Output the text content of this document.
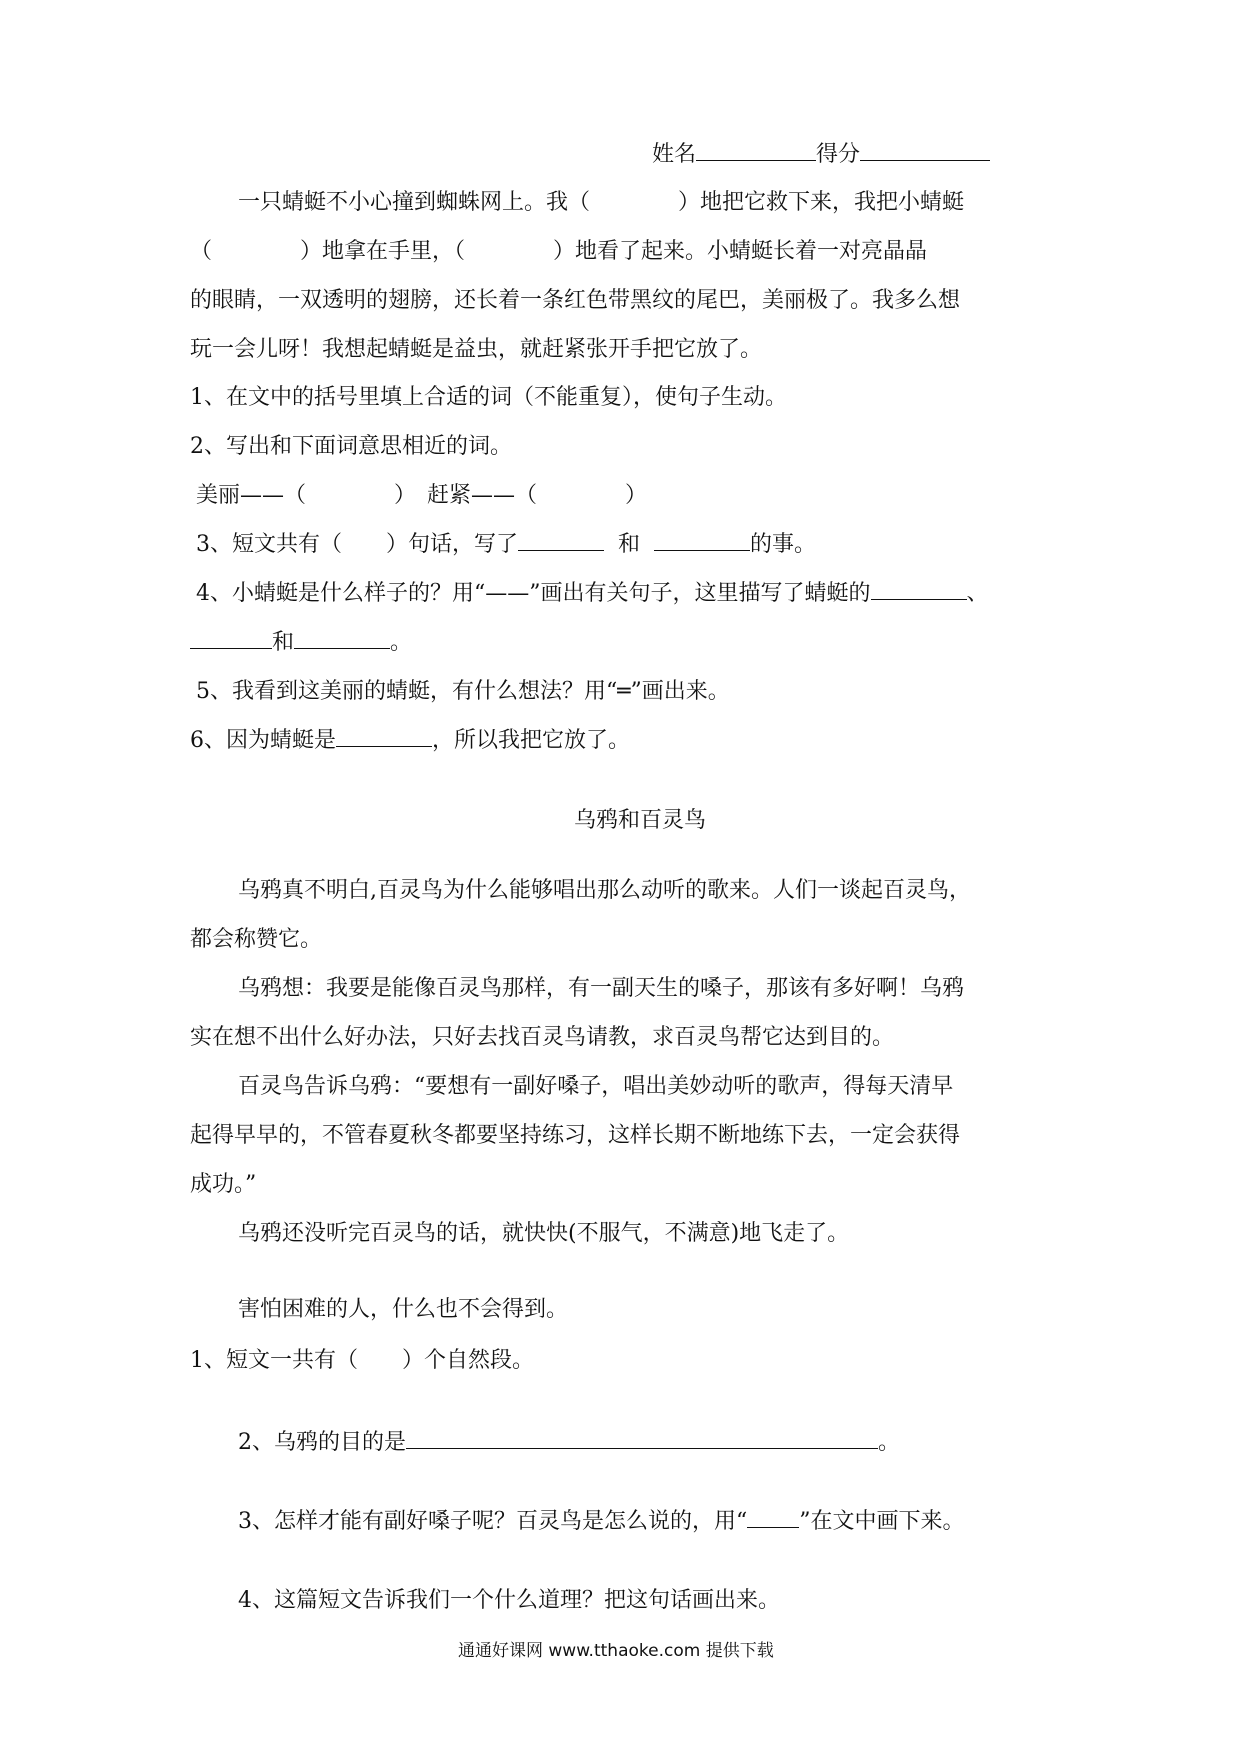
姓名	得分
一只蜻蜓不小心撞到蜘蛛网上。我（　　　　）地把它救下来，我把小蜻蜓
（　　　　）地拿在手里，（　　　　）地看了起来。小蜻蜓长着一对亮晶晶
的眼睛，一双透明的翅膀，还长着一条红色带黑纹的尾巴，美丽极了。我多么想
玩一会儿呀！我想起蜻蜓是益虫，就赶紧张开手把它放了。
1、在文中的括号里填上合适的词（不能重复），使句子生动。
2、写出和下面词意思相近的词。
美丽——（　　　　）　赶紧——（　　　　）
3、短文共有（　　）句话，写了	和	的事。
4、小蜻蜓是什么样子的？用“——”画出有关句子，这里描写了蜻蜓的	、
和	。
5、我看到这美丽的蜻蜓，有什么想法？用“═”画出来。
6、因为蜻蜓是	，所以我把它放了。
乌鸦和百灵鸟
乌鸦真不明白,百灵鸟为什么能够唱出那么动听的歌来。人们一谈起百灵鸟，
都会称赞它。
乌鸦想：我要是能像百灵鸟那样，有一副天生的嗓子，那该有多好啊！乌鸦
实在想不出什么好办法，只好去找百灵鸟请教，求百灵鸟帮它达到目的。
百灵鸟告诉乌鸦：“要想有一副好嗓子，唱出美妙动听的歌声，得每天清早
起得早早的，不管春夏秋冬都要坚持练习，这样长期不断地练下去，一定会获得
成功。”
乌鸦还没听完百灵鸟的话，就快快(不服气，不满意)地飞走了。
害怕困难的人，什么也不会得到。
1、短文一共有（　　）个自然段。
2、乌鸦的目的是	。
3、怎样才能有副好嗓子呢？百灵鸟是怎么说的，用“ ”在文中画下来。
4、这篇短文告诉我们一个什么道理？把这句话画出来。
通通好课网 www.tthaoke.com 提供下载
